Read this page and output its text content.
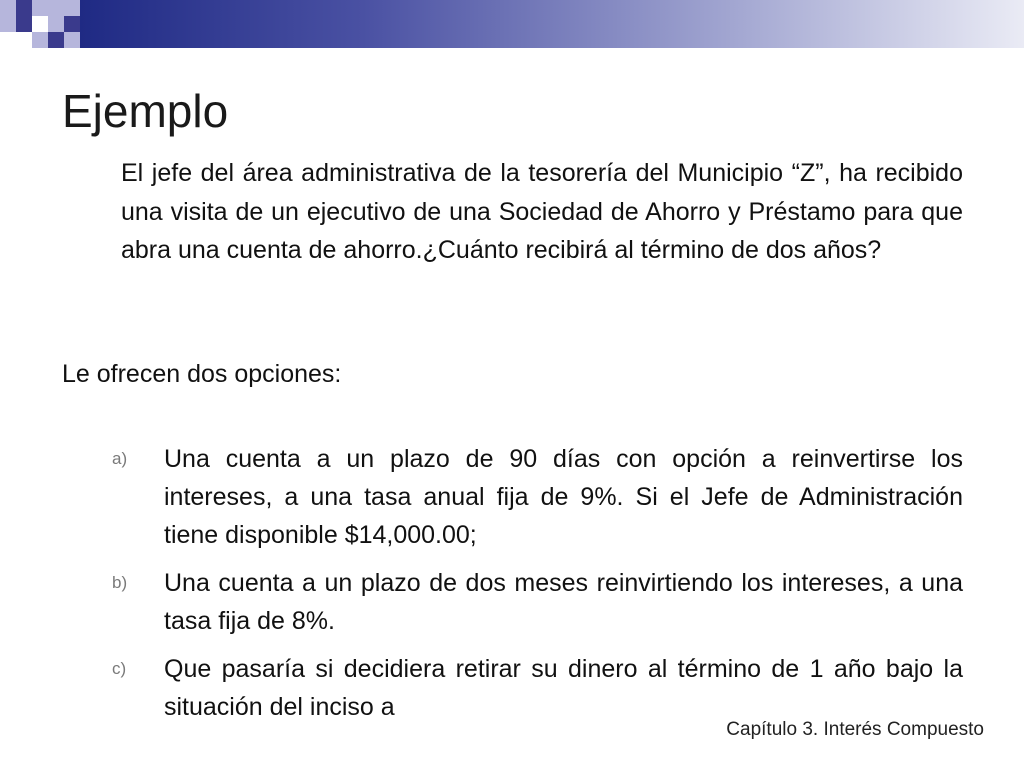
Ejemplo

El jefe del área administrativa de la tesorería del Municipio “Z”, ha recibido una visita de un ejecutivo de una Sociedad de Ahorro y Préstamo para que abra una cuenta de ahorro.¿Cuánto recibirá al término de dos años?

Le ofrecen dos opciones:

a) Una cuenta a un plazo de 90 días con opción a reinvertirse los intereses, a una tasa anual fija de 9%. Si el Jefe de Administración tiene disponible $14,000.00;
b) Una cuenta a un plazo de dos meses reinvirtiendo los intereses, a una tasa fija de 8%.
c) Que pasaría si decidiera retirar su dinero al término de 1 año bajo la situación del inciso a

Capítulo 3. Interés Compuesto
